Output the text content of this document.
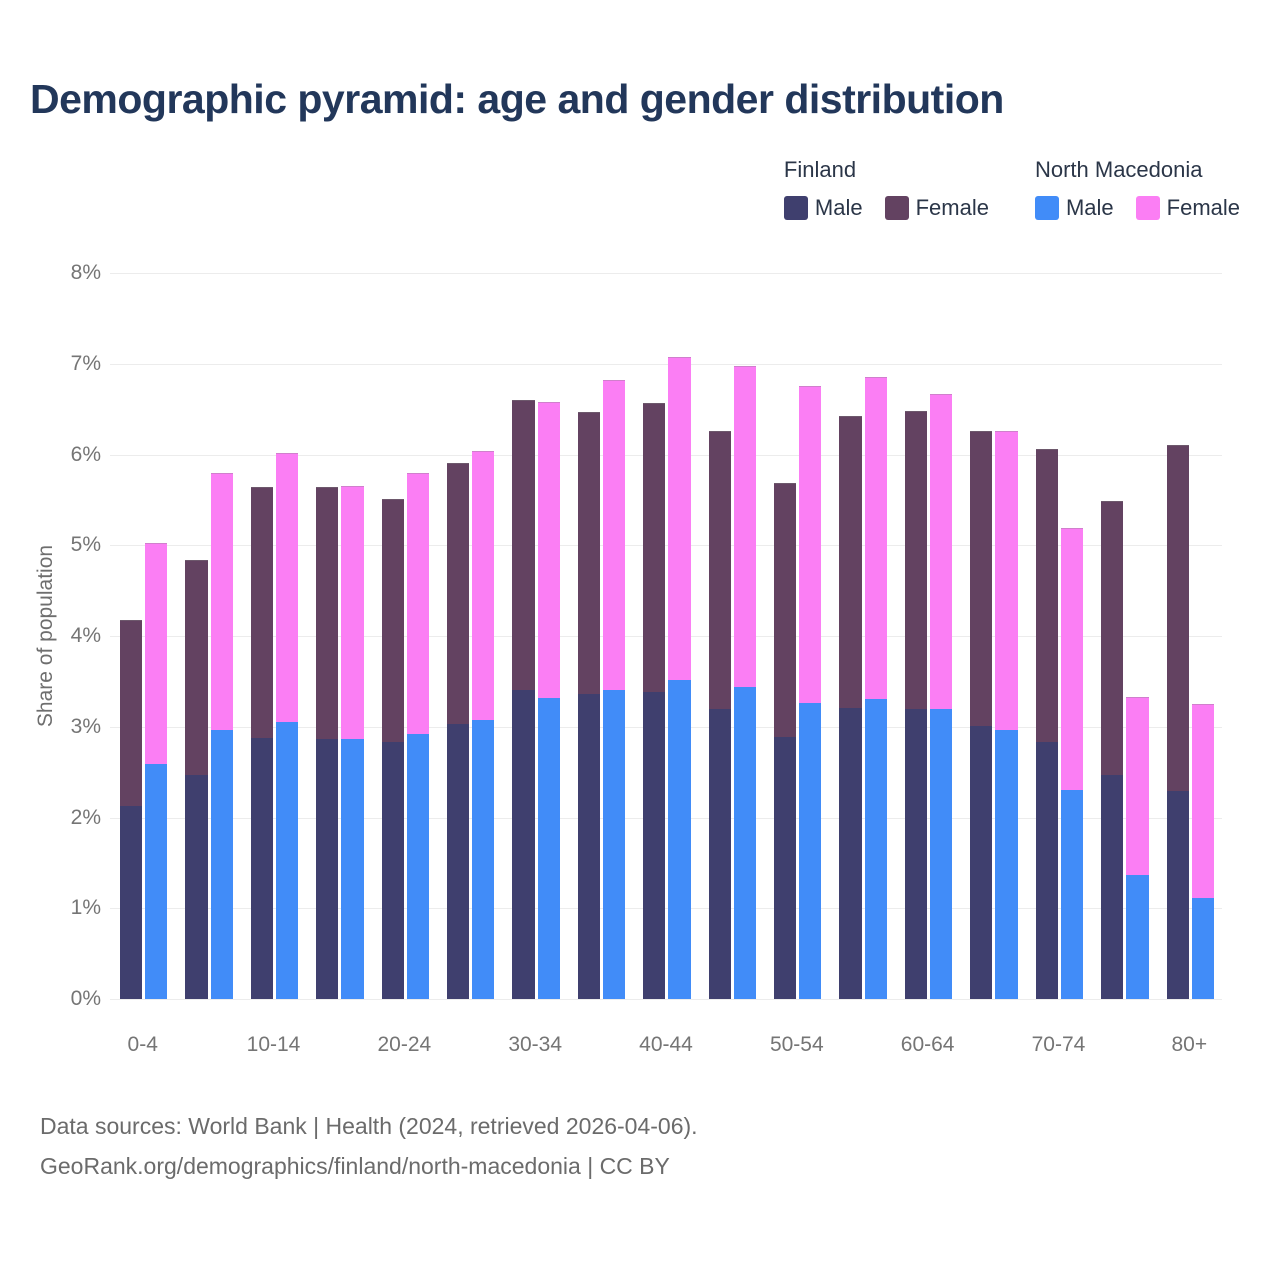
Demographic pyramid: age and gender distribution
Finland
Male Female
North Macedonia
Male Female
0%
1%
2%
3%
4%
5%
6%
7%
8%
0-4	10-14	20-24	30-34	40-44	50-54	60-64	70-74	80+
Share of population
Data sources: World Bank | Health (2024, retrieved 2026-04-06).
GeoRank.org/demographics/finland/north-macedonia | CC BY
